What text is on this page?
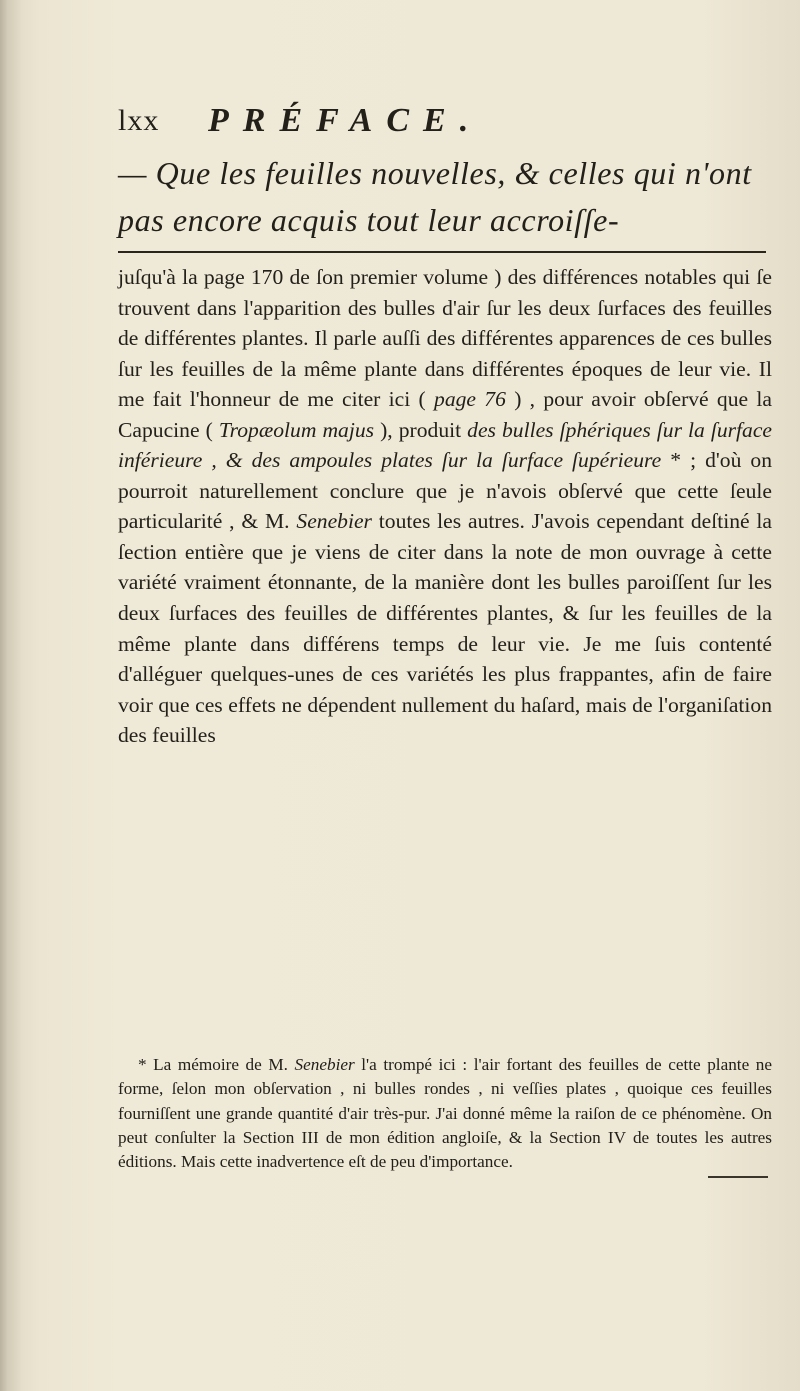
lxx PRÉFACE.
— Que les feuilles nouvelles, & celles qui n'ont pas encore acquis tout leur accroiſſe-

juſqu'à la page 170 de ſon premier volume ) des différences notables qui ſe trouvent dans l'apparition des bulles d'air ſur les deux ſurfaces des feuilles de différentes plantes. Il parle auſſi des différentes apparences de ces bulles ſur les feuilles de la même plante dans différentes époques de leur vie. Il me fait l'honneur de me citer ici ( page 76 ) , pour avoir obſervé que la Capucine ( Tropæolum majus ), produit des bulles ſphériques ſur la ſurface inférieure , & des ampoules plates ſur la ſurface ſupérieure * ; d'où on pourroit naturellement conclure que je n'avois obſervé que cette ſeule particularité , & M. Senebier toutes les autres. J'avois cependant deſtiné la ſection entière que je viens de citer dans la note de mon ouvrage à cette variété vraiment étonnante, de la manière dont les bulles paroiſſent ſur les deux ſurfaces des feuilles de différentes plantes, & ſur les feuilles de la même plante dans différens temps de leur vie. Je me ſuis contenté d'alléguer quelques-unes de ces variétés les plus frappantes, afin de faire voir que ces effets ne dépendent nullement du haſard, mais de l'organiſation des feuilles

* La mémoire de M. Senebier l'a trompé ici : l'air fortant des feuilles de cette plante ne forme, ſelon mon obſervation , ni bulles rondes , ni veſſies plates , quoique ces feuilles fourniſſent une grande quantité d'air très-pur. J'ai donné même la raiſon de ce phénomène. On peut conſulter la Section III de mon édition angloiſe, & la Section IV de toutes les autres éditions. Mais cette inadvertence eſt de peu d'importance.
